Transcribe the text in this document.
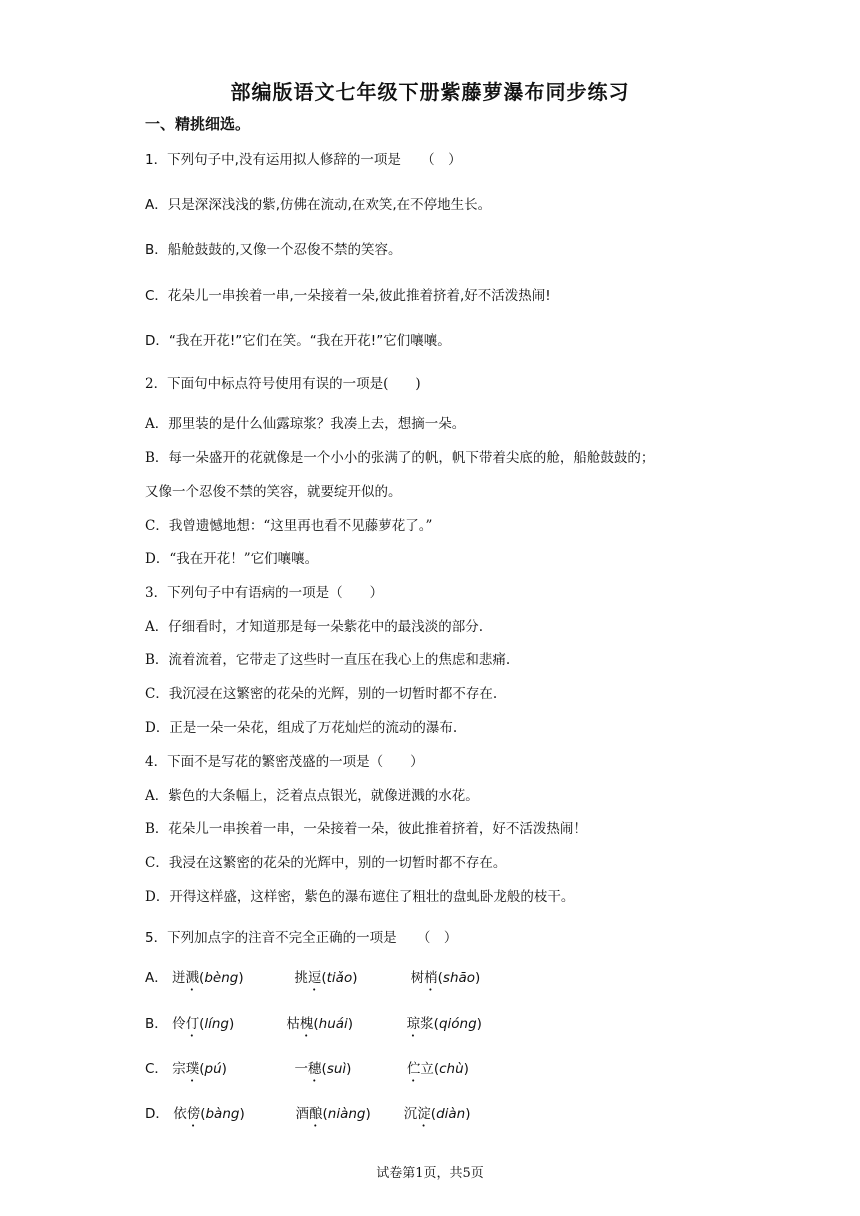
部编版语文七年级下册紫藤萝瀑布同步练习
一、精挑细选。
1．下列句子中,没有运用拟人修辞的一项是　　（　）
A．只是深深浅浅的紫,仿佛在流动,在欢笑,在不停地生长。
B．船舱鼓鼓的,又像一个忍俊不禁的笑容。
C．花朵儿一串挨着一串,一朵接着一朵,彼此推着挤着,好不活泼热闹!
D．“我在开花!”它们在笑。“我在开花!”它们嚷嚷。
2．下面句中标点符号使用有误的一项是(　　)
A．那里装的是什么仙露琼浆？我凑上去，想摘一朵。
B．每一朵盛开的花就像是一个小小的张满了的帆，帆下带着尖底的舱，船舱鼓鼓的；
又像一个忍俊不禁的笑容，就要绽开似的。
C．我曾遗憾地想：“这里再也看不见藤萝花了。”
D．“我在开花！”它们嚷嚷。
3．下列句子中有语病的一项是（　　）
A．仔细看时，才知道那是每一朵紫花中的最浅淡的部分.
B．流着流着，它带走了这些时一直压在我心上的焦虑和悲痛.
C．我沉浸在这繁密的花朵的光辉，别的一切暂时都不存在.
D．正是一朵一朵花，组成了万花灿烂的流动的瀑布.
4．下面不是写花的繁密茂盛的一项是（　　）
A．紫色的大条幅上，泛着点点银光，就像迸溅的水花。
B．花朵儿一串挨着一串，一朵接着一朵，彼此推着挤着，好不活泼热闹！
C．我浸在这繁密的花朵的光辉中，别的一切暂时都不存在。
D．开得这样盛，这样密，紫色的瀑布遮住了粗壮的盘虬卧龙般的枝干。
5．下列加点字的注音不完全正确的一项是　　（　）
A． 迸溅(bèng)	挑逗(tiǎo)	树梢(shāo)
B． 伶仃(líng)	枯槐(huái)	琼浆(qióng)
C． 宗璞(pú)	一穗(suì)	伫立(chù)
D． 依傍(bàng)	酒酿(niàng) 沉淀(diàn)
试卷第1页，共5页
